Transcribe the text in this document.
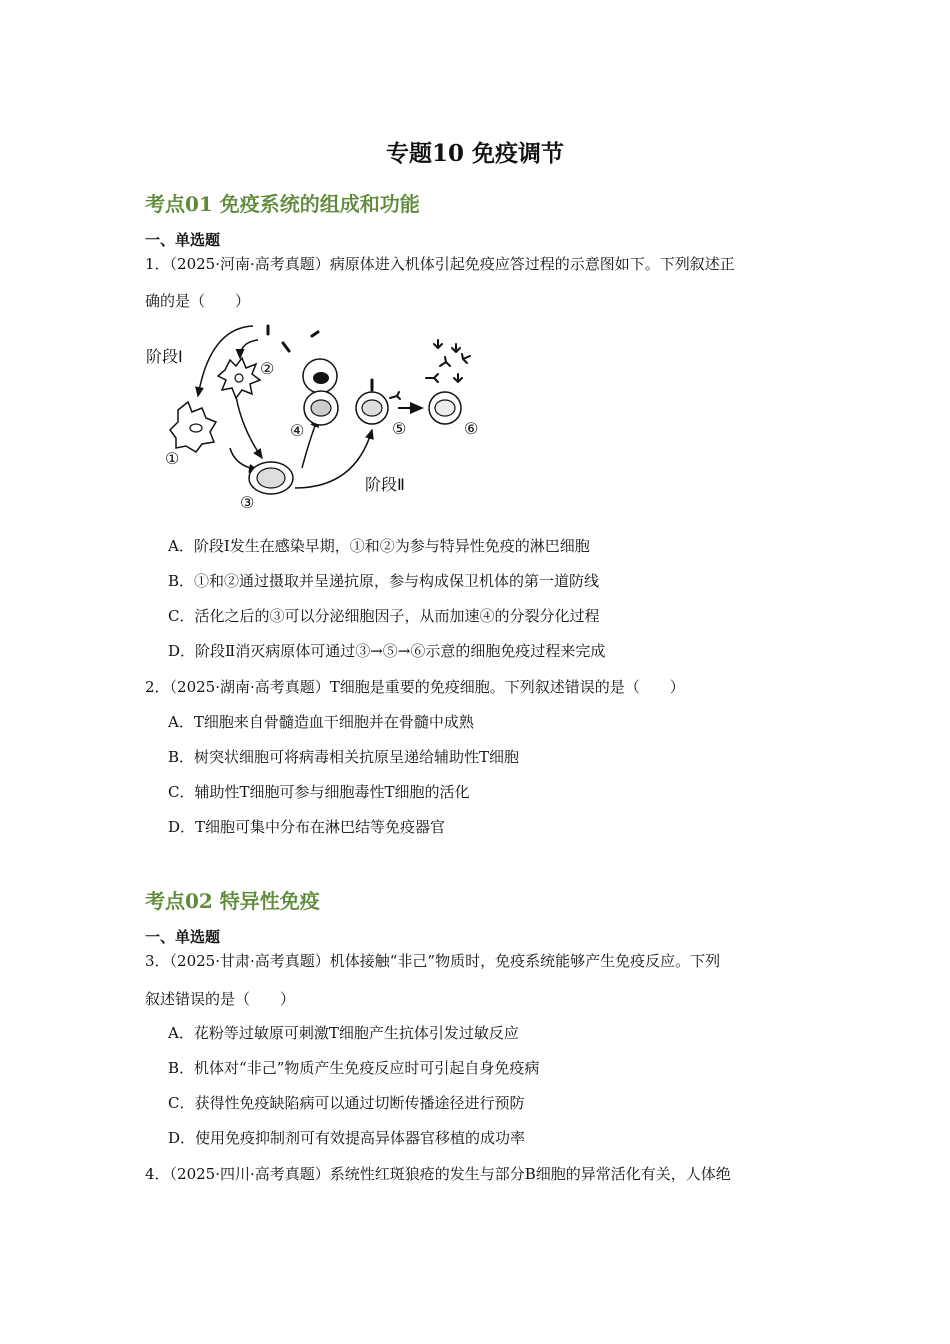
专题10 免疫调节
考点01 免疫系统的组成和功能
一、单选题
1．（2025·河南·高考真题）病原体进入机体引起免疫应答过程的示意图如下。下列叙述正
确的是（　　）
阶段Ⅰ
阶段Ⅱ
①
②
③
④	⑤	⑥
A．阶段Ⅰ发生在感染早期，①和②为参与特异性免疫的淋巴细胞
B．①和②通过摄取并呈递抗原，参与构成保卫机体的第一道防线
C．活化之后的③可以分泌细胞因子，从而加速④的分裂分化过程
D．阶段Ⅱ消灭病原体可通过③→⑤→⑥示意的细胞免疫过程来完成
2．（2025·湖南·高考真题）T细胞是重要的免疫细胞。下列叙述错误的是（　　）
A．T细胞来自骨髓造血干细胞并在骨髓中成熟
B．树突状细胞可将病毒相关抗原呈递给辅助性T细胞
C．辅助性T细胞可参与细胞毒性T细胞的活化
D．T细胞可集中分布在淋巴结等免疫器官
考点02 特异性免疫
一、单选题
3．（2025·甘肃·高考真题）机体接触“非己”物质时，免疫系统能够产生免疫反应。下列
叙述错误的是（　　）
A．花粉等过敏原可刺激T细胞产生抗体引发过敏反应
B．机体对“非己”物质产生免疫反应时可引起自身免疫病
C．获得性免疫缺陷病可以通过切断传播途径进行预防
D．使用免疫抑制剂可有效提高异体器官移植的成功率
4．（2025·四川·高考真题）系统性红斑狼疮的发生与部分B细胞的异常活化有关，人体绝
